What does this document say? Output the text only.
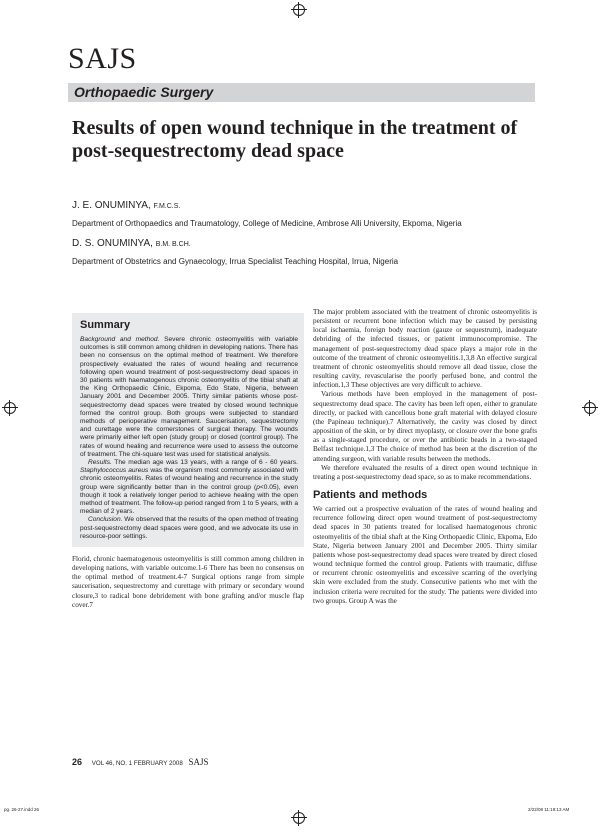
SAJS
Orthopaedic Surgery
Results of open wound technique in the treatment of post-sequestrectomy dead space
J. E. ONUMINYA, F.M.C.S.
Department of Orthopaedics and Traumatology, College of Medicine, Ambrose Alli University, Ekpoma, Nigeria
D. S. ONUMINYA, B.M. B.CH.
Department of Obstetrics and Gynaecology, Irrua Specialist Teaching Hospital, Irrua, Nigeria
Summary

Background and method. Severe chronic osteomyelitis with variable outcomes is still common among children in developing nations. There has been no consensus on the optimal method of treatment. We therefore prospectively evaluated the rates of wound healing and recurrence following open wound treatment of post-sequestrectomy dead spaces in 30 patients with haematogenous chronic osteomyelitis of the tibial shaft at the King Orthopaedic Clinic, Ekpoma, Edo State, Nigeria, between January 2001 and December 2005. Thirty similar patients whose post-sequestrectomy dead spaces were treated by closed wound technique formed the control group. Both groups were subjected to standard methods of perioperative management. Saucerisation, sequestrectomy and curettage were the cornerstones of surgical therapy. The wounds were primarily either left open (study group) or closed (control group). The rates of wound healing and recurrence were used to assess the outcome of treatment. The chi-square test was used for statistical analysis.

Results. The median age was 13 years, with a range of 6 - 60 years. Staphylococcus aureus was the organism most commonly associated with chronic osteomyelitis. Rates of wound healing and recurrence in the study group were significantly better than in the control group (p<0.05), even though it took a relatively longer period to achieve healing with the open method of treatment. The follow-up period ranged from 1 to 5 years, with a median of 2 years.

Conclusion. We observed that the results of the open method of treating post-sequestrectomy dead spaces were good, and we advocate its use in resource-poor settings.

Florid, chronic haematogenous osteomyelitis is still common among children in developing nations, with variable outcome.1-6 There has been no consensus on the optimal method of treatment.4-7 Surgical options range from simple saucerisation, sequestrectomy and curettage with primary or secondary wound closure,3 to radical bone debridement with bone grafting and/or muscle flap cover.7

The major problem associated with the treatment of chronic osteomyelitis is persistent or recurrent bone infection which may be caused by persisting local ischaemia, foreign body reaction (gauze or sequestrum), inadequate debriding of the infected tissues, or patient immunocompromise. The management of post-sequestrectomy dead space plays a major role in the outcome of the treatment of chronic osteomyelitis.1,3,8 An effective surgical treatment of chronic osteomyelitis should remove all dead tissue, close the resulting cavity, revascularise the poorly perfused bone, and control the infection.1,3 These objectives are very difficult to achieve.

Various methods have been employed in the management of post-sequestrectomy dead space. The cavity has been left open, either to granulate directly, or packed with cancellous bone graft material with delayed closure (the Papineau technique).7 Alternatively, the cavity was closed by direct apposition of the skin, or by direct myoplasty, or closure over the bone grafts as a single-staged procedure, or over the antibiotic beads in a two-staged Belfast technique.1,3 The choice of method has been at the discretion of the attending surgeon, with variable results between the methods.

We therefore evaluated the results of a direct open wound technique in treating a post-sequestrectomy dead space, so as to make recommendations.

Patients and methods

We carried out a prospective evaluation of the rates of wound healing and recurrence following direct open wound treatment of post-sequestrectomy dead spaces in 30 patients treated for localised haematogenous chronic osteomyelitis of the tibial shaft at the King Orthopaedic Clinic, Ekpoma, Edo State, Nigeria between January 2001 and December 2005. Thirty similar patients whose post-sequestrectomy dead spaces were treated by direct closed wound technique formed the control group. Patients with traumatic, diffuse or recurrent chronic osteomyelitis and excessive scarring of the overlying skin were excluded from the study. Consecutive patients who met with the inclusion criteria were recruited for the study. The patients were divided into two groups. Group A was the

26 VOL 46, NO. 1 FEBRUARY 2008 SAJS
pg. 26-27.indd 26	2/22/08 11:19:13 AM
